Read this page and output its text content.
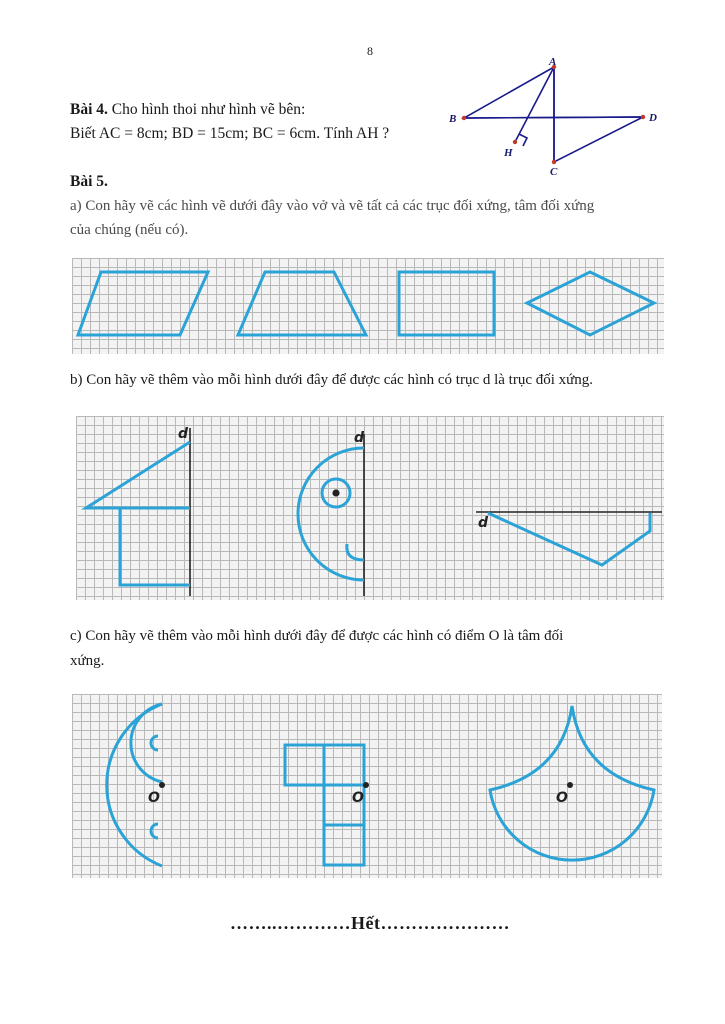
8
Bài 4. Cho hình thoi như hình vẽ bên:
Biết AC = 8cm; BD = 15cm; BC = 6cm. Tính AH ?
A
B	D
C
H
Bài 5.
a) Con hãy vẽ các hình vẽ dưới đây vào vở và vẽ tất cả các trục đối xứng, tâm đối xứng
của chúng (nếu có).
b) Con hãy vẽ thêm vào mỗi hình dưới đây để được các hình có trục d là trục đối xứng.
d	d
d
c) Con hãy vẽ thêm vào mỗi hình dưới đây để được các hình có điểm O là tâm đối
xứng.
O	O	O
……..…………Hết…………………
